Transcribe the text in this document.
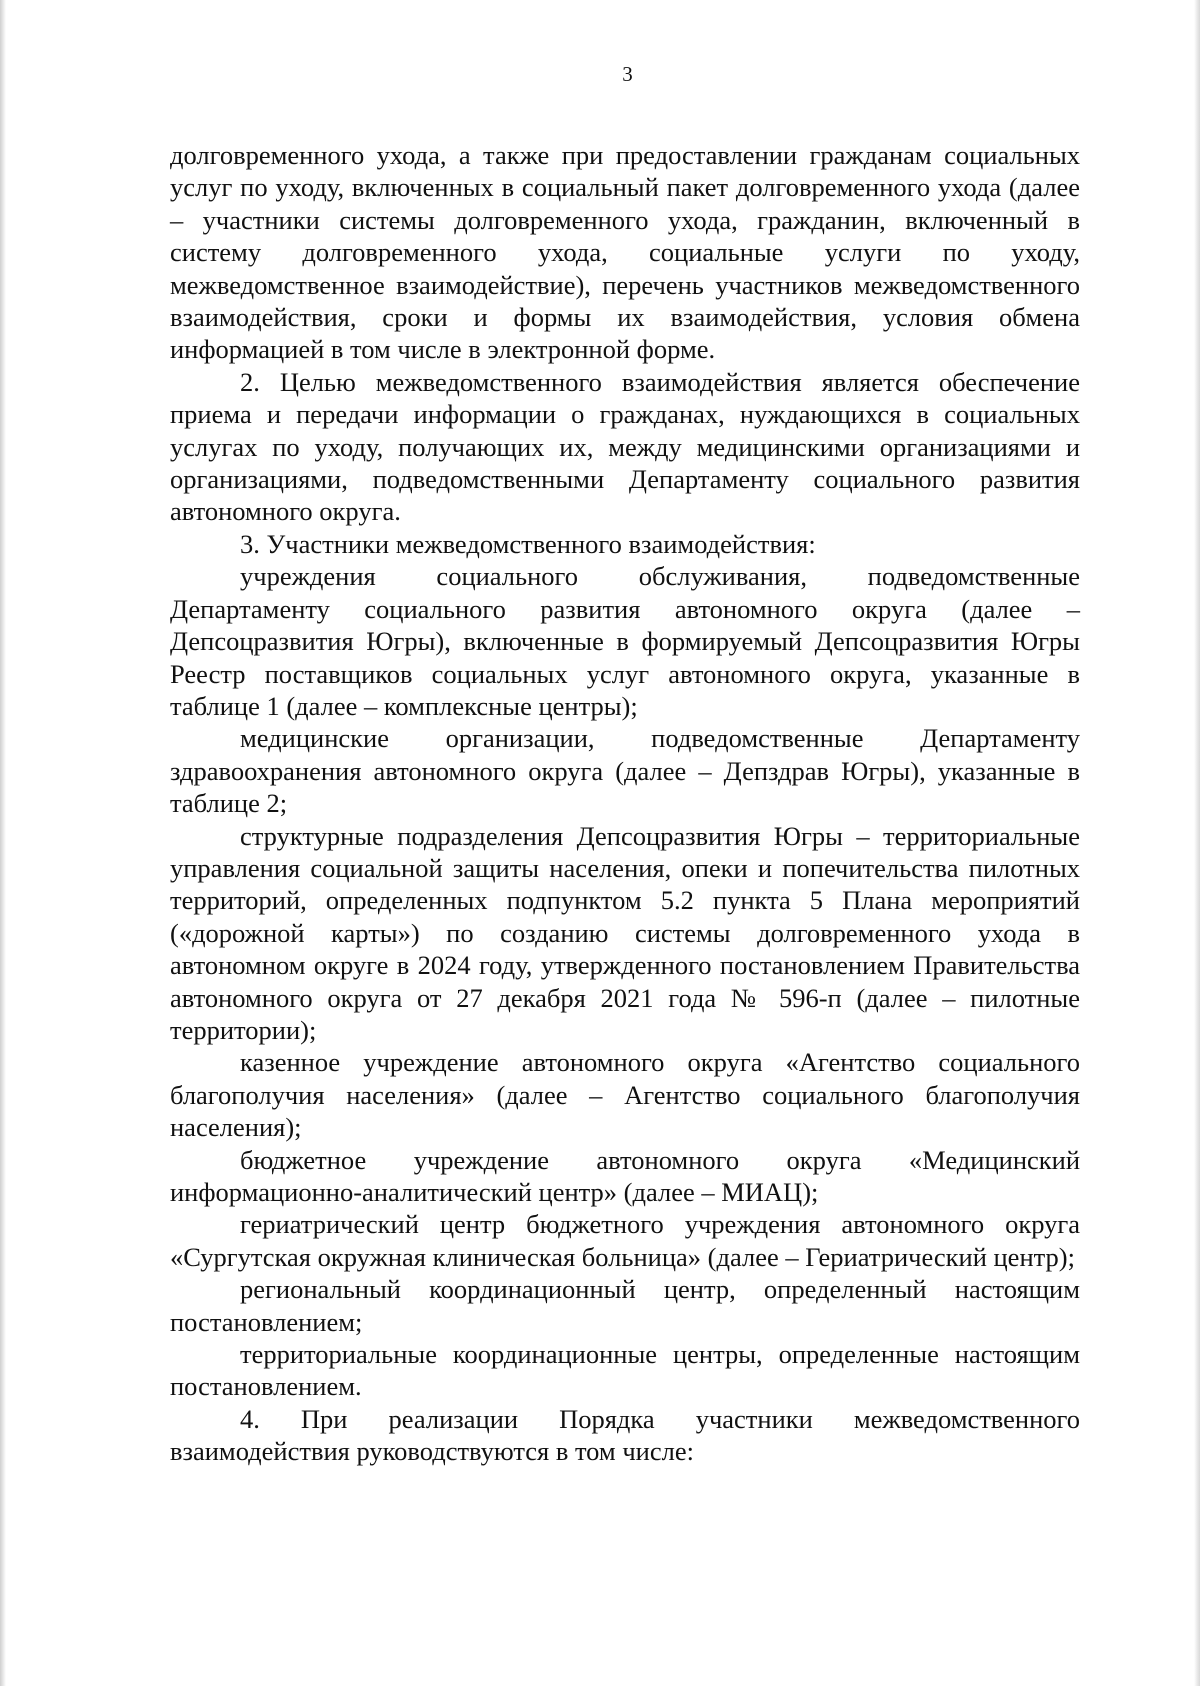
3

долговременного ухода, а также при предоставлении гражданам социальных услуг по уходу, включенных в социальный пакет долговременного ухода (далее – участники системы долговременного ухода, гражданин, включенный в систему долговременного ухода, социальные услуги по уходу, межведомственное взаимодействие), перечень участников межведомственного взаимодействия, сроки и формы их взаимодействия, условия обмена информацией в том числе в электронной форме.

2. Целью межведомственного взаимодействия является обеспечение приема и передачи информации о гражданах, нуждающихся в социальных услугах по уходу, получающих их, между медицинскими организациями и организациями, подведомственными Департаменту социального развития автономного округа.

3. Участники межведомственного взаимодействия:

учреждения социального обслуживания, подведомственные Департаменту социального развития автономного округа (далее – Депсоцразвития Югры), включенные в формируемый Депсоцразвития Югры Реестр поставщиков социальных услуг автономного округа, указанные в таблице 1 (далее – комплексные центры);

медицинские организации, подведомственные Департаменту здравоохранения автономного округа (далее – Депздрав Югры), указанные в таблице 2;

структурные подразделения Депсоцразвития Югры – территориальные управления социальной защиты населения, опеки и попечительства пилотных территорий, определенных подпунктом 5.2 пункта 5 Плана мероприятий («дорожной карты») по созданию системы долговременного ухода в автономном округе в 2024 году, утвержденного постановлением Правительства автономного округа от 27 декабря 2021 года № 596-п (далее – пилотные территории);

казенное учреждение автономного округа «Агентство социального благополучия населения» (далее – Агентство социального благополучия населения);

бюджетное учреждение автономного округа «Медицинский информационно-аналитический центр» (далее – МИАЦ);

гериатрический центр бюджетного учреждения автономного округа «Сургутская окружная клиническая больница» (далее – Гериатрический центр);

региональный координационный центр, определенный настоящим постановлением;

территориальные координационные центры, определенные настоящим постановлением.

4. При реализации Порядка участники межведомственного взаимодействия руководствуются в том числе:
